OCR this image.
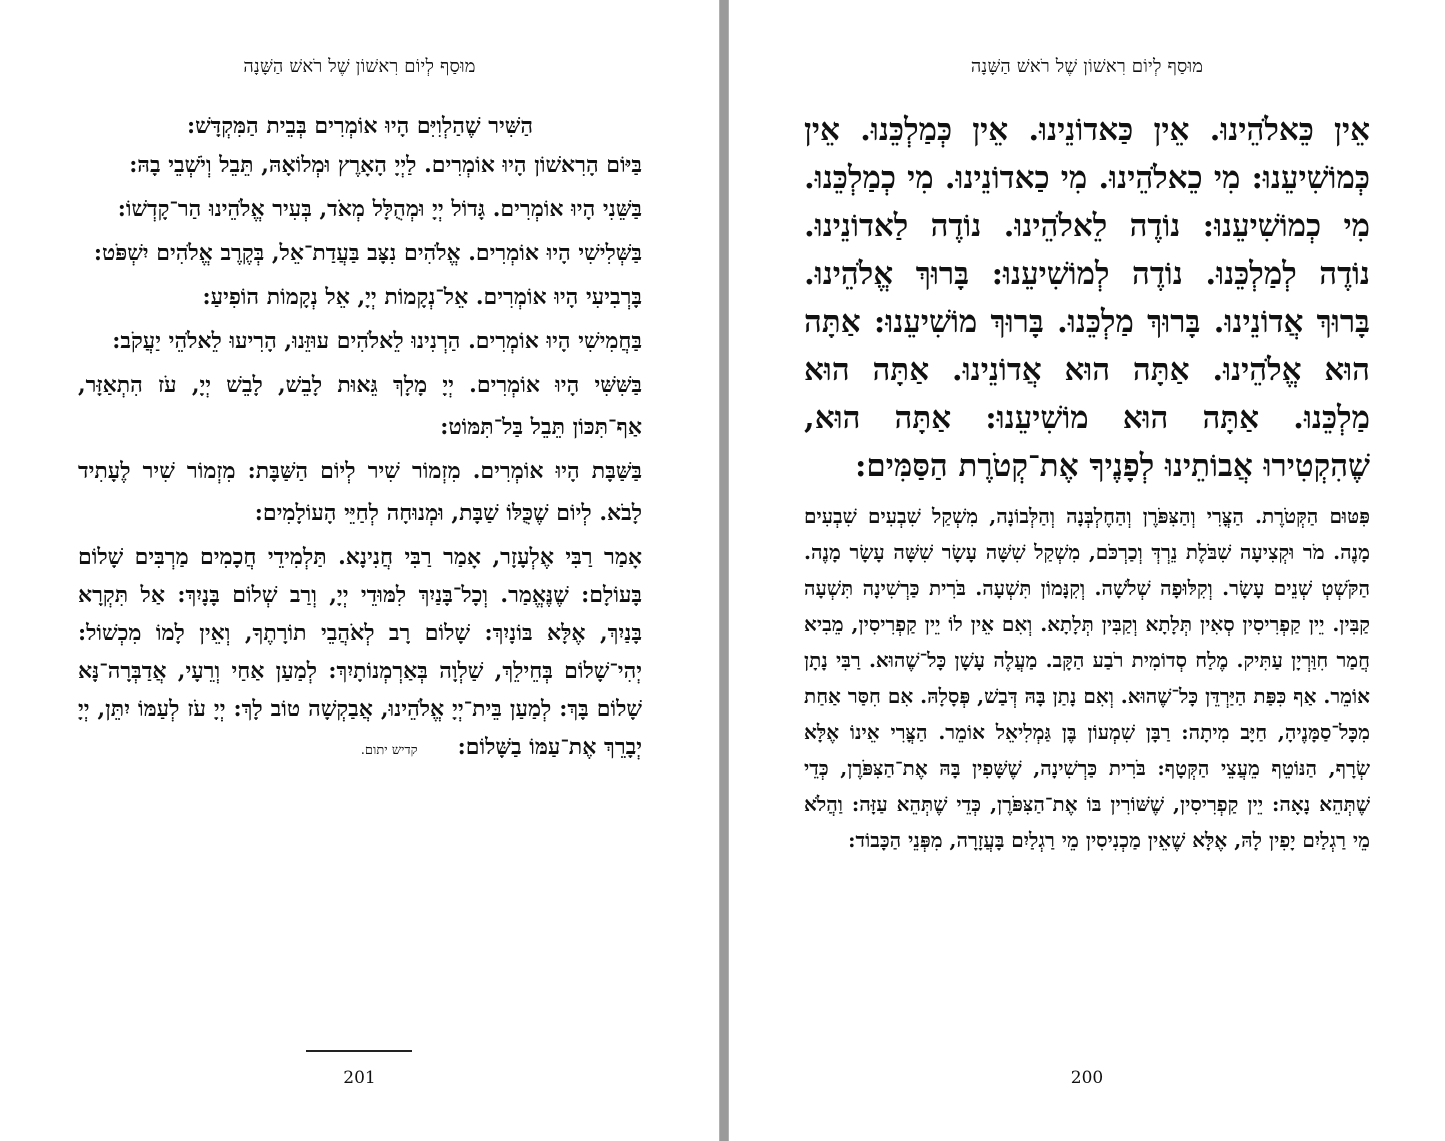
מוּסַף לְיוֹם רִאשׁוֹן שֶׁל רֹאשׁ הַשָּׁנָה

הַשִּׁיר שֶׁהַלְוִיִּם הָיוּ אוֹמְרִים בְּבֵית הַמִּקְדָּשׁ:

בַּיּוֹם הָרִאשׁוֹן הָיוּ אוֹמְרִים. לַיְיָ הָאָרֶץ וּמְלוֹאָהּ, תֵּבֵל וְיֹשְׁבֵי בָהּ:

בַּשֵּׁנִי הָיוּ אוֹמְרִים. גָּדוֹל יְיָ וּמְהֻלָּל מְאֹד, בְּעִיר אֱלֹהֵינוּ הַר־קָדְשׁוֹ:

בַּשְּׁלִישִׁי הָיוּ אוֹמְרִים. אֱלֹהִים נִצָּב בַּעֲדַת־אֵל, בְּקֶרֶב אֱלֹהִים יִשְׁפֹּט:

בָּרְבִיעִי הָיוּ אוֹמְרִים. אֵל־נְקָמוֹת יְיָ, אֵל נְקָמוֹת הוֹפִיעַ:

בַּחֲמִישִׁי הָיוּ אוֹמְרִים. הַרְנִינוּ לֵאלֹהִים עוּזֵּנוּ, הָרִיעוּ לֵאלֹהֵי יַעֲקֹב:

בַּשִּׁשִּׁי הָיוּ אוֹמְרִים. יְיָ מָלָךְ גֵּאוּת לָבֵשׁ, לָבֵשׁ יְיָ, עֹז הִתְאַזָּר, אַף־תִּכּוֹן תֵּבֵל בַּל־תִּמּוֹט:

בַּשַּׁבָּת הָיוּ אוֹמְרִים. מִזְמוֹר שִׁיר לְיוֹם הַשַּׁבָּת: מִזְמוֹר שִׁיר לֶעָתִיד לָבֹא. לְיוֹם שֶׁכֻּלּוֹ שַׁבָּת, וּמְנוּחָה לְחַיֵּי הָעוֹלָמִים:

אָמַר רַבִּי אֶלְעָזָר, אָמַר רַבִּי חֲנִינָא. תַּלְמִידֵי חֲכָמִים מַרְבִּים שָׁלוֹם בָּעוֹלָם: שֶׁנֶּאֱמַר. וְכָל־בָּנַיִךְ לִמּוּדֵי יְיָ, וְרַב שְׁלוֹם בָּנָיִךְ: אַל תִּקְרָא בָּנַיִךְ, אֶלָּא בּוֹנָיִךְ: שָׁלוֹם רָב לְאֹהֲבֵי תוֹרָתֶךָ, וְאֵין לָמוֹ מִכְשׁוֹל: יְהִי־שָׁלוֹם בְּחֵילֵךְ, שַׁלְוָה בְּאַרְמְנוֹתָיִךְ: לְמַעַן אַחַי וְרֵעָי, אֲדַבְּרָה־נָּא שָׁלוֹם בָּךְ: לְמַעַן בֵּית־יְיָ אֱלֹהֵינוּ, אֲבַקְשָׁה טוֹב לָךְ: יְיָ עֹז לְעַמּוֹ יִתֵּן, יְיָ יְבָרֵךְ אֶת־עַמּוֹ בַשָּׁלוֹם:קדיש יתום.

201
מוּסַף לְיוֹם רִאשׁוֹן שֶׁל רֹאשׁ הַשָּׁנָה

אֵין כֵּאלֹהֵינוּ. אֵין כַּאדוֹנֵינוּ. אֵין כְּמַלְכֵּנוּ. אֵין כְּמוֹשִׁיעֵנוּ: מִי כֵאלֹהֵינוּ. מִי כַאדוֹנֵינוּ. מִי כְמַלְכֵּנוּ. מִי כְמוֹשִׁיעֵנוּ: נוֹדֶה לֵאלֹהֵינוּ. נוֹדֶה לַאדוֹנֵינוּ. נוֹדֶה לְמַלְכֵּנוּ. נוֹדֶה לְמוֹשִׁיעֵנוּ: בָּרוּךְ אֱלֹהֵינוּ. בָּרוּךְ אֲדוֹנֵינוּ. בָּרוּךְ מַלְכֵּנוּ. בָּרוּךְ מוֹשִׁיעֵנוּ: אַתָּה הוּא אֱלֹהֵינוּ. אַתָּה הוּא אֲדוֹנֵינוּ. אַתָּה הוּא מַלְכֵּנוּ. אַתָּה הוּא מוֹשִׁיעֵנוּ: אַתָּה הוּא, שֶׁהִקְטִירוּ אֲבוֹתֵינוּ לְפָנֶיךָ אֶת־קְטֹרֶת הַסַּמִּים:

פִּטּוּם הַקְּטֹרֶת. הַצֳּרִי וְהַצִּפֹּרֶן וְהַחֶלְבְּנָה וְהַלְּבוֹנָה, מִשְׁקַל שִׁבְעִים שִׁבְעִים מָנֶה. מֹר וּקְצִיעָה שִׁבֹּלֶת נֵרְדְּ וְכַרְכֹּם, מִשְׁקַל שִׁשָּׁה עָשָׂר שִׁשָּׁה עָשָׂר מָנֶה. הַקֹּשְׁטְ שְׁנֵים עָשָׂר. וְקִלּוּפָה שְׁלשָׁה. וְקִנָּמוֹן תִּשְׁעָה. בֹּרִית כַּרְשִׁינָה תִּשְׁעָה קַבִּין. יֵין קַפְרִיסִין סְאִין תְּלָתָא וְקַבִּין תְּלָתָא. וְאִם אֵין לוֹ יֵין קַפְרִיסִין, מֵבִיא חֲמַר חִוַּרְיָן עַתִּיק. מֶלַח סְדוֹמִית רֹבַע הַקָּב. מַעֲלֶה עָשָׁן כָּל־שֶׁהוּא. רַבִּי נָתָן אוֹמֵר. אַף כִּפַּת הַיַּרְדֵּן כָּל־שֶׁהוּא. וְאִם נָתַן בָּהּ דְּבַשׁ, פְּסָלָהּ. אִם חִסַּר אַחַת מִכָּל־סַמָּנֶיהָ, חַיָּב מִיתָה: רַבָּן שִׁמְעוֹן בֶּן גַּמְלִיאֵל אוֹמֵר. הַצֳּרִי אֵינוֹ אֶלָּא שְׂרָף, הַנּוֹטֵף מֵעֲצֵי הַקְּטָף: בֹּרִית כַּרְשִׁינָה, שֶׁשָּׁפִין בָּהּ אֶת־הַצִּפֹּרֶן, כְּדֵי שֶׁתְּהֵא נָאָה: יֵין קַפְרִיסִין, שֶׁשּׁוֹרִין בּוֹ אֶת־הַצִּפֹּרֶן, כְּדֵי שֶׁתְּהֵא עַזָּה: וַהֲלֹא מֵי רַגְלַיִם יָפִין לָהּ, אֶלָּא שֶׁאֵין מַכְנִיסִין מֵי רַגְלַיִם בָּעֲזָרָה, מִפְּנֵי הַכָּבוֹד:

200
